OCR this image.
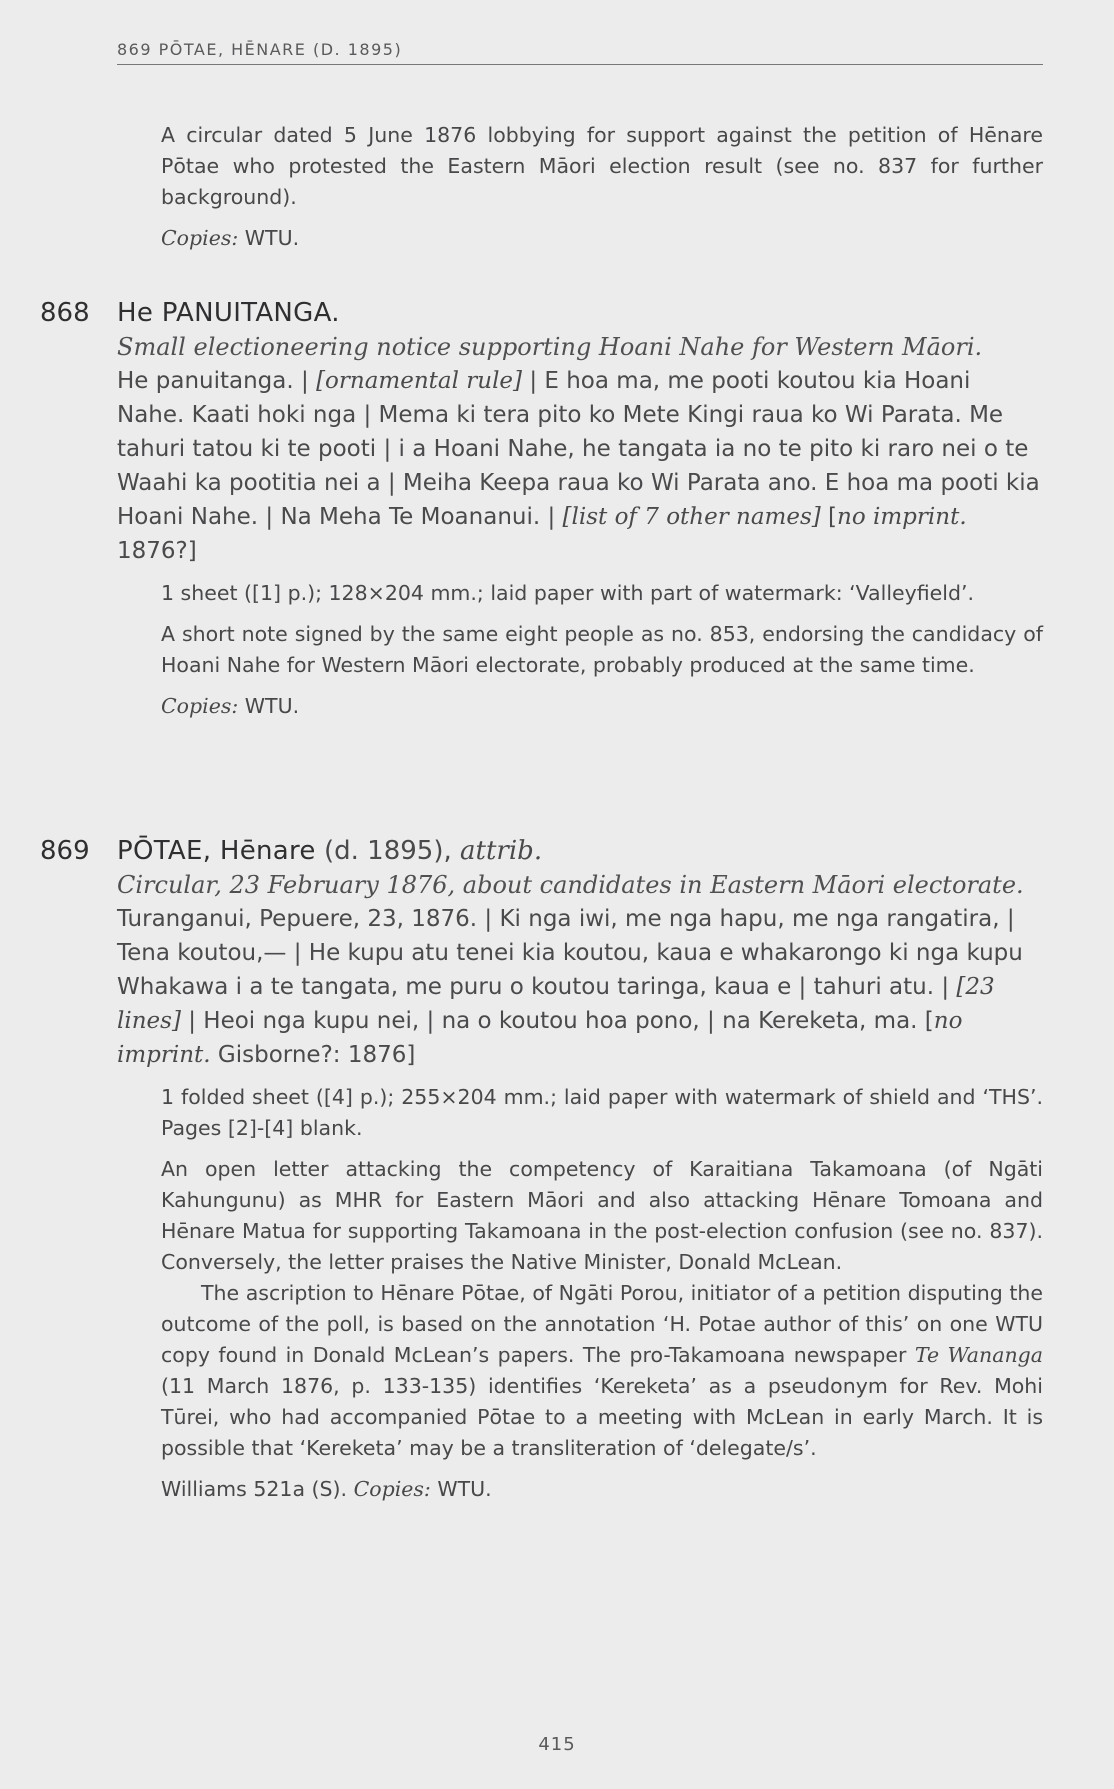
869 PŌTAE, HĒNARE (D. 1895)

A circular dated 5 June 1876 lobbying for support against the petition of Hēnare Pōtae who protested the Eastern Māori election result (see no. 837 for further background).

Copies: WTU.

868 He PANUITANGA.

Small electioneering notice supporting Hoani Nahe for Western Māori.

He panuitanga. | [ornamental rule] | E hoa ma, me pooti koutou kia Hoani Nahe. Kaati hoki nga | Mema ki tera pito ko Mete Kingi raua ko Wi Parata. Me tahuri tatou ki te pooti | i a Hoani Nahe, he tangata ia no te pito ki raro nei o te Waahi ka pootitia nei a | Meiha Keepa raua ko Wi Parata ano. E hoa ma pooti kia Hoani Nahe. | Na Meha Te Moananui. | [list of 7 other names] [no imprint. 1876?]

1 sheet ([1] p.); 128×204 mm.; laid paper with part of watermark: ‘Valleyfield’.

A short note signed by the same eight people as no. 853, endorsing the candidacy of Hoani Nahe for Western Māori electorate, probably produced at the same time.

Copies: WTU.

869 PŌTAE, Hēnare (d. 1895), attrib.

Circular, 23 February 1876, about candidates in Eastern Māori electorate.

Turanganui, Pepuere, 23, 1876. | Ki nga iwi, me nga hapu, me nga rangatira, | Tena koutou,— | He kupu atu tenei kia koutou, kaua e whakarongo ki nga kupu Whakawa i a te tangata, me puru o koutou taringa, kaua e | tahuri atu. | [23 lines] | Heoi nga kupu nei, | na o koutou hoa pono, | na Kereketa, ma. [no imprint. Gisborne?: 1876]

1 folded sheet ([4] p.); 255×204 mm.; laid paper with watermark of shield and ‘THS’. Pages [2]-[4] blank.

An open letter attacking the competency of Karaitiana Takamoana (of Ngāti Kahungunu) as MHR for Eastern Māori and also attacking Hēnare Tomoana and Hēnare Matua for supporting Takamoana in the post-election confusion (see no. 837). Conversely, the letter praises the Native Minister, Donald McLean.

The ascription to Hēnare Pōtae, of Ngāti Porou, initiator of a petition disputing the outcome of the poll, is based on the annotation ‘H. Potae author of this’ on one WTU copy found in Donald McLean’s papers. The pro-Takamoana newspaper Te Wananga (11 March 1876, p. 133-135) identifies ‘Kereketa’ as a pseudonym for Rev. Mohi Tūrei, who had accompanied Pōtae to a meeting with McLean in early March. It is possible that ‘Kereketa’ may be a transliteration of ‘delegate/s’.

Williams 521a (S). Copies: WTU.

415
